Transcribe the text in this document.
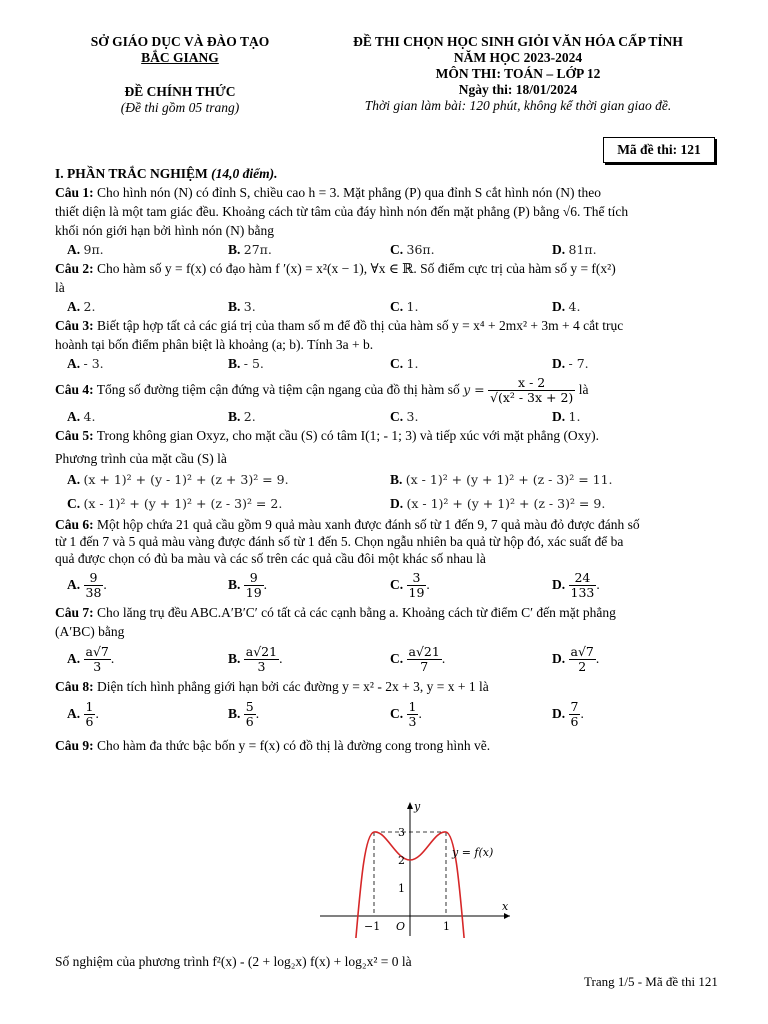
SỞ GIÁO DỤC VÀ ĐÀO TẠO
BẮC GIANG
ĐỀ CHÍNH THỨC
(Đề thi gồm 05 trang)
ĐỀ THI CHỌN HỌC SINH GIỎI VĂN HÓA CẤP TỈNH
NĂM HỌC 2023-2024
MÔN THI: TOÁN – LỚP 12
Ngày thi: 18/01/2024
Thời gian làm bài: 120 phút, không kể thời gian giao đề.
Mã đề thi: 121
I. PHẦN TRẮC NGHIỆM (14,0 điểm).
Câu 1: Cho hình nón (N) có đỉnh S, chiều cao h = 3. Mặt phẳng (P) qua đỉnh S cắt hình nón (N) theo
thiết diện là một tam giác đều. Khoảng cách từ tâm của đáy hình nón đến mặt phẳng (P) bằng √6. Thể tích
khối nón giới hạn bởi hình nón (N) bằng
A. 9π.	B. 27π.	C. 36π.	D. 81π.
Câu 2: Cho hàm số y = f(x) có đạo hàm f ′(x) = x²(x − 1), ∀x ∈ ℝ. Số điểm cực trị của hàm số y = f(x²)
là
A. 2.	B. 3.	C. 1.	D. 4.
Câu 3: Biết tập hợp tất cả các giá trị của tham số m để đồ thị của hàm số y = x⁴ + 2mx² + 3m + 4 cắt trục
hoành tại bốn điểm phân biệt là khoảng (a; b). Tính 3a + b.
A. - 3.	B. - 5.	C. 1.	D. - 7.
Câu 4: Tổng số đường tiệm cận đứng và tiệm cận ngang của đồ thị hàm số $y = \frac{x - 2}{\text{√(x² - 3x + 2)}}$ là
A. 4.	B. 2.	C. 3.	D. 1.
Câu 5: Trong không gian Oxyz, cho mặt cầu (S) có tâm I(1; - 1; 3) và tiếp xúc với mặt phẳng (Oxy).
Phương trình của mặt cầu (S) là
A. (x + 1)² + (y - 1)² + (z + 3)² = 9.	B. (x - 1)² + (y + 1)² + (z - 3)² = 11.
C. (x - 1)² + (y + 1)² + (z - 3)² = 2.	D. (x - 1)² + (y + 1)² + (z - 3)² = 9.
Câu 6: Một hộp chứa 21 quả cầu gồm 9 quả màu xanh được đánh số từ 1 đến 9, 7 quả màu đỏ được đánh số
từ 1 đến 7 và 5 quả màu vàng được đánh số từ 1 đến 5. Chọn ngẫu nhiên ba quả từ hộp đó, xác suất để ba
quả được chọn có đủ ba màu và các số trên các quả cầu đôi một khác số nhau là
A. $\frac{9}{38}$ .	B. $\frac{9}{19}$ .	C. $\frac{3}{19}$ .	D. $\frac{24}{133}$ .
Câu 7: Cho lăng trụ đều ABC.A′B′C′ có tất cả các cạnh bằng a. Khoảng cách từ điểm C′ đến mặt phẳng
(A′BC) bằng
A. $\frac{a√7}{3}$ .	B. $\frac{a√21}{3}$ .	C. $\frac{a√21}{7}$ .	D. $\frac{a√7}{2}$ .
Câu 8: Diện tích hình phẳng giới hạn bởi các đường y = x² - 2x + 3, y = x + 1 là
A. $\frac{1}{6}$ .	B. $\frac{5}{6}$ .	C. $\frac{1}{3}$ .	D. $\frac{7}{6}$ .
Câu 9: Cho hàm đa thức bậc bốn y = f(x) có đồ thị là đường cong trong hình vẽ.
y
x
y = f(x)
3
2
1
−1 O	1
Số nghiệm của phương trình f²(x) - (2 + log₂x) f(x) + log₂x² = 0 là
Trang 1/5 - Mã đề thi 121
